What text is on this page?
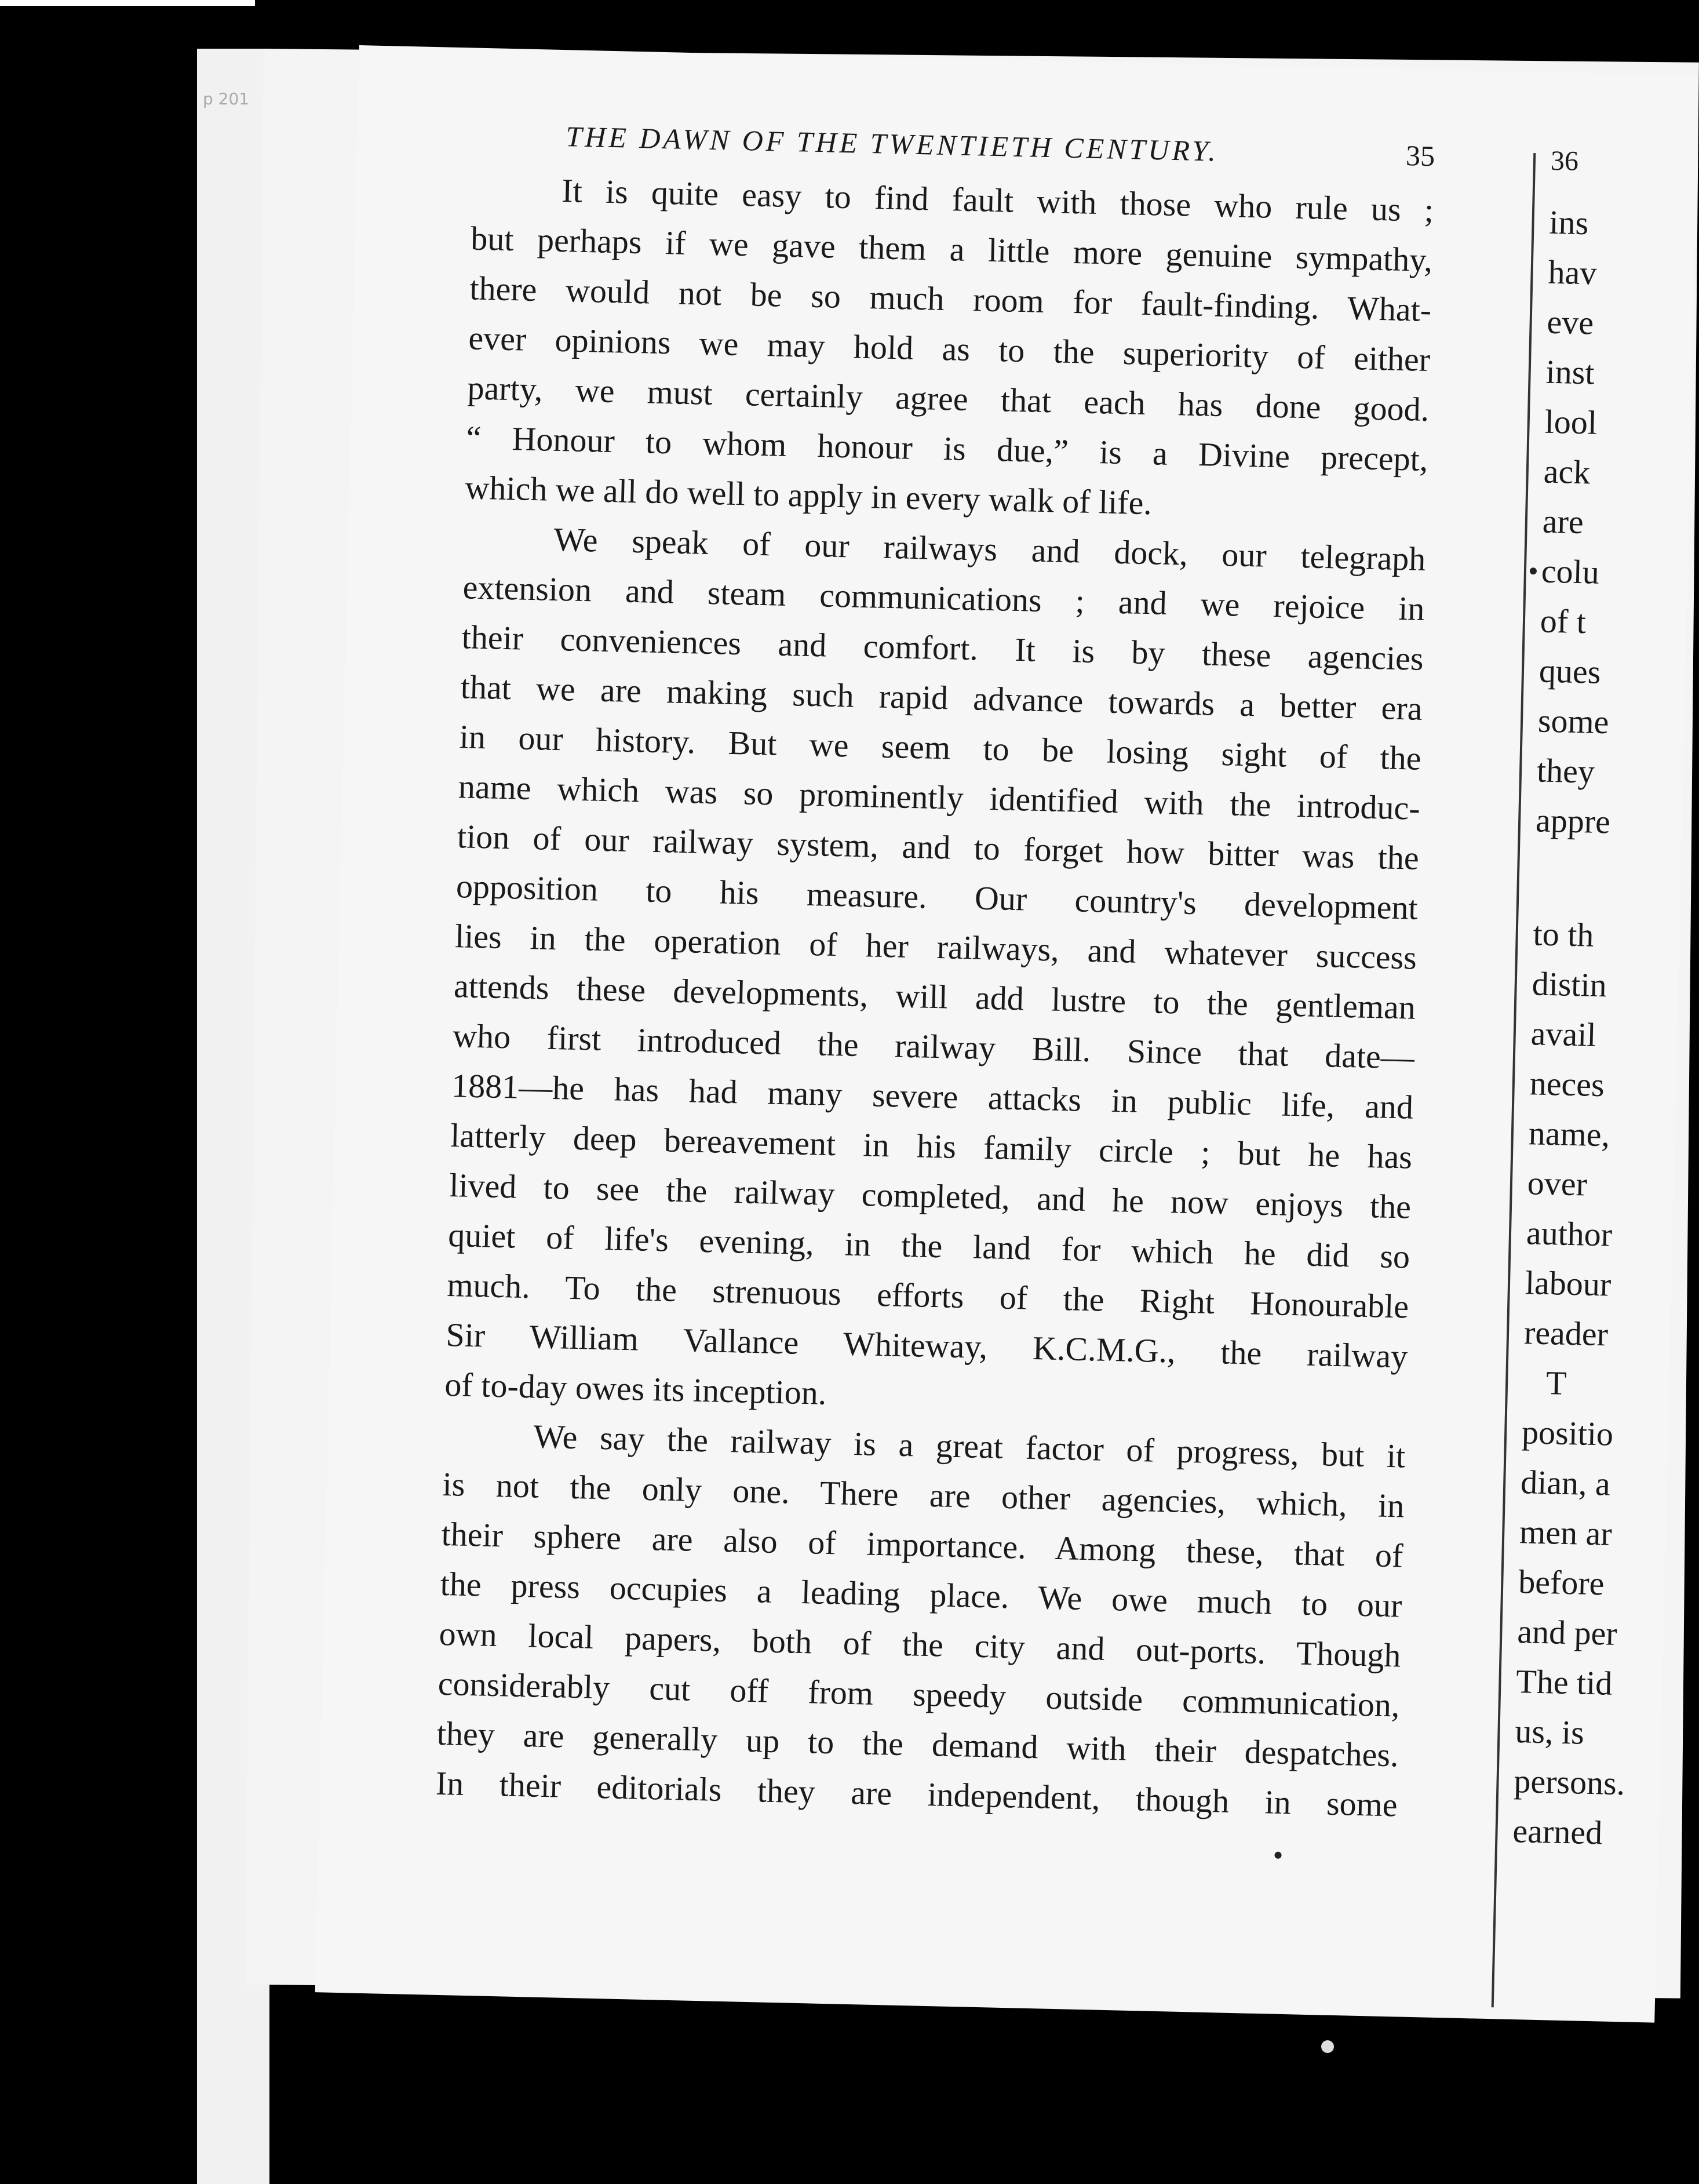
p 201
THE DAWN OF THE TWENTIETH CENTURY.	35
It is quite easy to find fault with those who rule us ;
but perhaps if we gave them a little more genuine sympathy,
there would not be so much room for fault-finding. What-
ever opinions we may hold as to the superiority of either
party, we must certainly agree that each has done good.
“ Honour to whom honour is due,” is a Divine precept,
which we all do well to apply in every walk of life.
We speak of our railways and dock, our telegraph
extension and steam communications ; and we rejoice in
their conveniences and comfort. It is by these agencies
that we are making such rapid advance towards a better era
in our history. But we seem to be losing sight of the
name which was so prominently identified with the introduc-
tion of our railway system, and to forget how bitter was the
opposition to his measure. Our country's development
lies in the operation of her railways, and whatever success
attends these developments, will add lustre to the gentleman
who first introduced the railway Bill. Since that date—
1881—he has had many severe attacks in public life, and
latterly deep bereavement in his family circle ; but he has
lived to see the railway completed, and he now enjoys the
quiet of life's evening, in the land for which he did so
much. To the strenuous efforts of the Right Honourable
Sir William Vallance Whiteway, K.C.M.G., the railway
of to-day owes its inception.
We say the railway is a great factor of progress, but it
is not the only one. There are other agencies, which, in
their sphere are also of importance. Among these, that of
the press occupies a leading place. We owe much to our
own local papers, both of the city and out-ports. Though
considerably cut off from speedy outside communication,
they are generally up to the demand with their despatches.
In their editorials they are independent, though in some
36
ins
hav
eve
inst
lool
ack
are
colu
of t
ques
some
they
appre
to th
distin
avail
neces
name,
over
author
labour
reader
T
positio
dian, a
men ar
before
and per
The tid
us, is
persons.
earned
